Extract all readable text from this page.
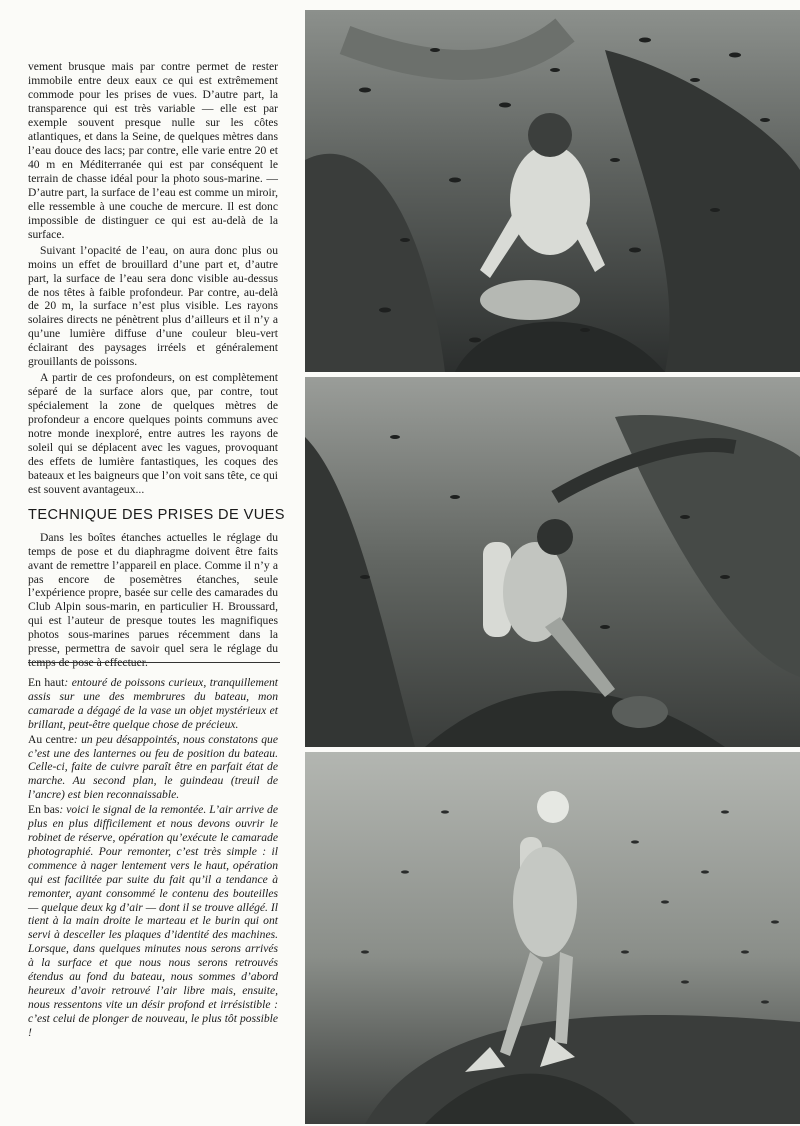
vement brusque mais par contre permet de rester immobile entre deux eaux ce qui est extrêmement commode pour les prises de vues. D’autre part, la transparence qui est très variable — elle est par exemple souvent presque nulle sur les côtes atlantiques, et dans la Seine, de quelques mètres dans l’eau douce des lacs; par contre, elle varie entre 20 et 40 m en Méditerranée qui est par conséquent le terrain de chasse idéal pour la photo sous-marine. — D’autre part, la surface de l’eau est comme un miroir, elle ressemble à une couche de mercure. Il est donc impossible de distinguer ce qui est au-delà de la surface.

Suivant l’opacité de l’eau, on aura donc plus ou moins un effet de brouillard d’une part et, d’autre part, la surface de l’eau sera donc visible au-dessus de nos têtes à faible profondeur. Par contre, au-delà de 20 m, la surface n’est plus visible. Les rayons solaires directs ne pénètrent plus d’ailleurs et il n’y a qu’une lumière diffuse d’une couleur bleu-vert éclairant des paysages irréels et généralement grouillants de poissons.

A partir de ces profondeurs, on est complètement séparé de la surface alors que, par contre, tout spécialement la zone de quelques mètres de profondeur a encore quelques points communs avec notre monde inexploré, entre autres les rayons de soleil qui se déplacent avec les vagues, provoquant des effets de lumière fantastiques, les coques des bateaux et les baigneurs que l’on voit sans tête, ce qui est souvent avantageux...

TECHNIQUE DES PRISES DE VUES

Dans les boîtes étanches actuelles le réglage du temps de pose et du diaphragme doivent être faits avant de remettre l’appareil en place. Comme il n’y a pas encore de posemètres étanches, seule l’expérience propre, basée sur celle des camarades du Club Alpin sous-marin, en particulier H. Broussard, qui est l’auteur de presque toutes les magnifiques photos sous-marines parues récemment dans la presse, permettra de savoir quel sera le réglage du temps de pose à effectuer.

En haut: entouré de poissons curieux, tranquillement assis sur une des membrures du bateau, mon camarade a dégagé de la vase un objet mystérieux et brillant, peut-être quelque chose de précieux.

Au centre: un peu désappointés, nous constatons que c’est une des lanternes ou feu de position du bateau. Celle-ci, faite de cuivre paraît être en parfait état de marche. Au second plan, le guindeau (treuil de l’ancre) est bien reconnaissable.

En bas: voici le signal de la remontée. L’air arrive de plus en plus difficilement et nous devons ouvrir le robinet de réserve, opération qu’exécute le camarade photographié. Pour remonter, c’est très simple : il commence à nager lentement vers le haut, opération qui est facilitée par suite du fait qu’il a tendance à remonter, ayant consommé le contenu des bouteilles — quelque deux kg d’air — dont il se trouve allégé. Il tient à la main droite le marteau et le burin qui ont servi à desceller les plaques d’identité des machines. Lorsque, dans quelques minutes nous serons arrivés à la surface et que nous nous serons retrouvés étendus au fond du bateau, nous sommes d’abord heureux d’avoir retrouvé l’air libre mais, ensuite, nous ressentons vite un désir profond et irrésistible : c’est celui de plonger de nouveau, le plus tôt possible !
